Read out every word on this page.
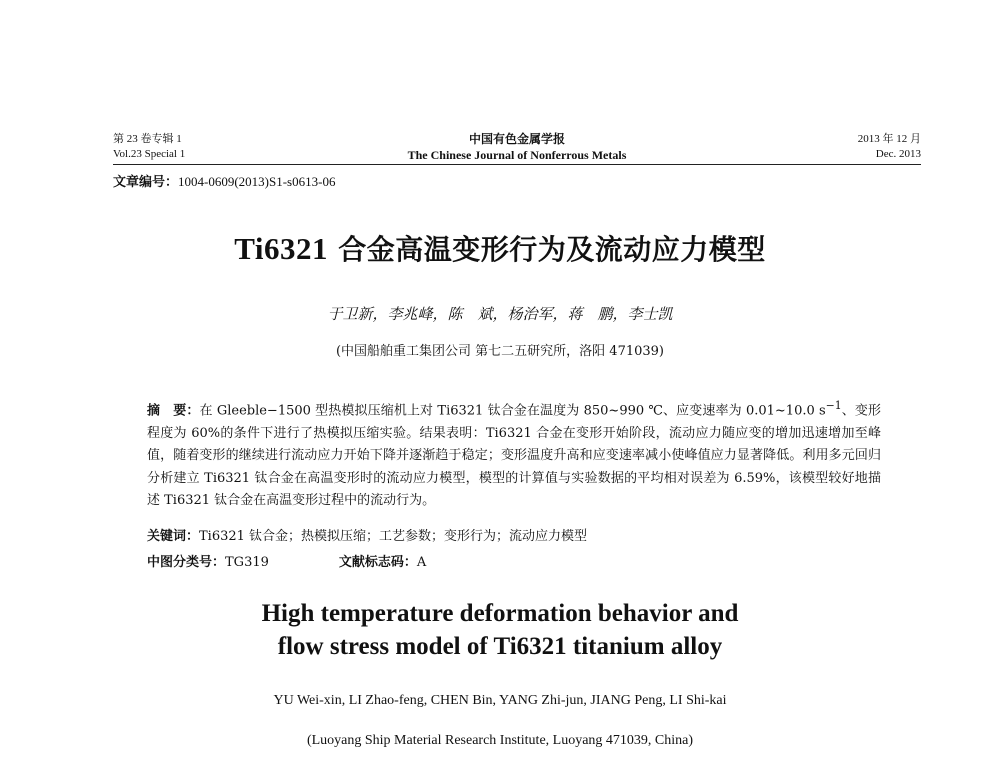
第 23 卷专辑 1	中国有色金属学报	2013 年 12 月
Vol.23 Special 1	The Chinese Journal of Nonferrous Metals	Dec. 2013
文章编号：1004-0609(2013)S1-s0613-06
Ti6321 合金高温变形行为及流动应力模型
于卫新，李兆峰，陈　斌，杨治军，蒋　鹏，李士凯
(中国船舶重工集团公司 第七二五研究所，洛阳 471039)
摘　要：在 Gleeble−1500 型热模拟压缩机上对 Ti6321 钛合金在温度为 850~990 ℃、应变速率为 0.01~10.0 $s^{-1}$、变形程度为 60%的条件下进行了热模拟压缩实验。结果表明：Ti6321 合金在变形开始阶段，流动应力随应变的增加迅速增加至峰值，随着变形的继续进行流动应力开始下降并逐渐趋于稳定；变形温度升高和应变速率减小使峰值应力显著降低。利用多元回归分析建立 Ti6321 钛合金在高温变形时的流动应力模型，模型的计算值与实验数据的平均相对误差为 6.59%，该模型较好地描述 Ti6321 钛合金在高温变形过程中的流动行为。
关键词：Ti6321 钛合金；热模拟压缩；工艺参数；变形行为；流动应力模型
中图分类号：TG319	文献标志码：A
High temperature deformation behavior and
flow stress model of Ti6321 titanium alloy
YU Wei-xin, LI Zhao-feng, CHEN Bin, YANG Zhi-jun, JIANG Peng, LI Shi-kai
(Luoyang Ship Material Research Institute, Luoyang 471039, China)
